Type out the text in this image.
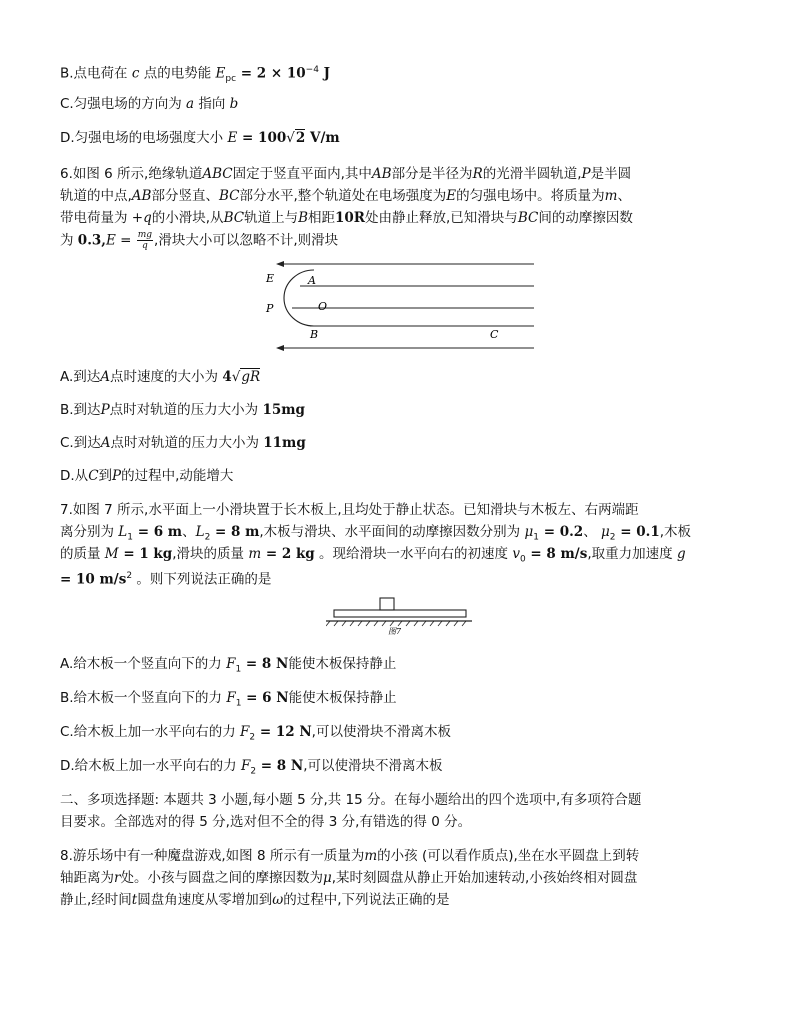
B.点电荷在 c 点的电势能 $E_{pc} = 2 \times 10^{-4}$ J
C.匀强电场的方向为 a 指向 b
D.匀强电场的电场强度大小 E = 100√2 V/m
6.如图 6 所示,绝缘轨道ABC固定于竖直平面内,其中AB部分是半径为R的光滑半圆轨道,P是半圆
轨道的中点,AB部分竖直、BC部分水平,整个轨道处在电场强度为E的匀强电场中。将质量为m、
带电荷量为 +q的小滑块,从BC轨道上与B相距10R处由静止释放,已知滑块与BC间的动摩擦因数
为 $0.3,E = \frac{mg}{q}$,滑块大小可以忽略不计,则滑块
E	A
O
P
B	C
A.到达A点时速度的大小为 4√gR
B.到达P点时对轨道的压力大小为 15mg
C.到达A点时对轨道的压力大小为 11mg
D.从C到P的过程中,动能增大
7.如图 7 所示,水平面上一小滑块置于长木板上,且均处于静止状态。已知滑块与木板左、右两端距
离分别为 $L_1 = 6$ m、$L_2 = 8$ m,木板与滑块、水平面间的动摩擦因数分别为 $\mu_1 = 0.2$、 $\mu_2 = 0.1$,木板
的质量 M = 1 kg,滑块的质量 m = 2 kg 。现给滑块一水平向右的初速度 $v_0 = 8$ m/s,取重力加速度 g
= 10 $m/s^2$ 。则下列说法正确的是
图7
A.给木板一个竖直向下的力 $F_1 = 8$ N能使木板保持静止
B.给木板一个竖直向下的力 $F_1 = 6$ N能使木板保持静止
C.给木板上加一水平向右的力 $F_2 = 12$ N,可以使滑块不滑离木板
D.给木板上加一水平向右的力 $F_2 = 8$ N,可以使滑块不滑离木板
二、多项选择题: 本题共 3 小题,每小题 5 分,共 15 分。在每小题给出的四个选项中,有多项符合题
目要求。全部选对的得 5 分,选对但不全的得 3 分,有错选的得 0 分。
8.游乐场中有一种魔盘游戏,如图 8 所示有一质量为m的小孩 (可以看作质点),坐在水平圆盘上到转
轴距离为r处。小孩与圆盘之间的摩擦因数为μ,某时刻圆盘从静止开始加速转动,小孩始终相对圆盘
静止,经时间t圆盘角速度从零增加到ω的过程中,下列说法正确的是
